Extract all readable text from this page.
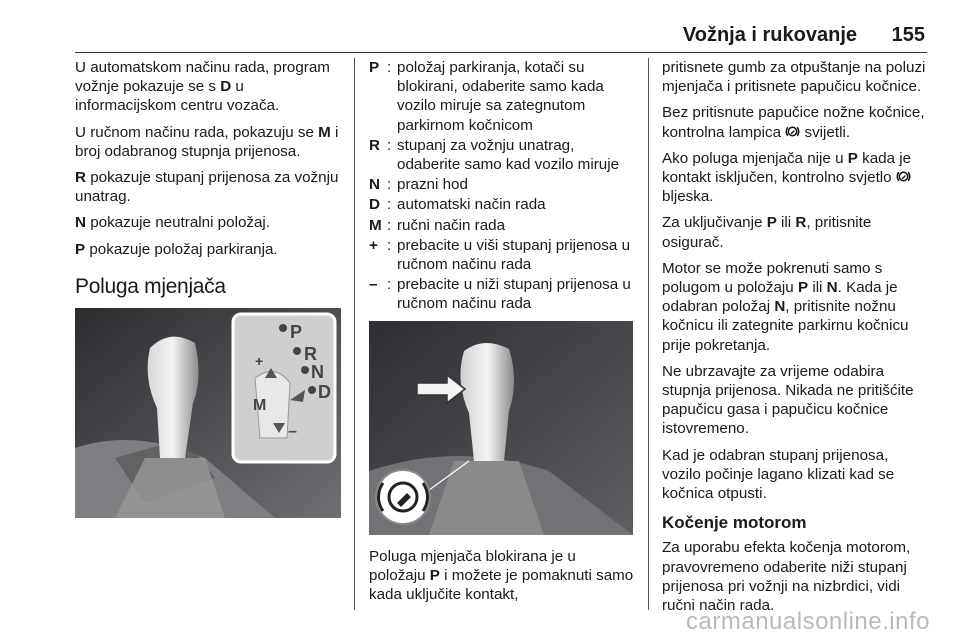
Vožnja i rukovanje 155

U automatskom načinu rada, program vožnje pokazuje se s D u informacijskom centru vozača.

U ručnom načinu rada, pokazuju se M i broj odabranog stupnja prijenosa.

R pokazuje stupanj prijenosa za vožnju unatrag.

N pokazuje neutralni položaj.

P pokazuje položaj parkiranja.

Poluga mjenjača
P
R
N
D
M
+
–
P : položaj parkiranja, kotači su blokirani, odaberite samo kada vozilo miruje sa zategnutom parkirnom kočnicom
R : stupanj za vožnju unatrag, odaberite samo kad vozilo miruje
N : prazni hod
D : automatski način rada
M : ručni način rada
+ : prebacite u viši stupanj prijenosa u ručnom načinu rada
– : prebacite u niži stupanj prijenosa u ručnom načinu rada

Poluga mjenjača blokirana je u položaju P i možete je pomaknuti samo kada uključite kontakt,

pritisnete gumb za otpuštanje na poluzi mjenjača i pritisnete papučicu kočnice.

Bez pritisnute papučice nožne kočnice, kontrolna lampica  svijetli.

Ako poluga mjenjača nije u P kada je kontakt isključen, kontrolno svjetlo  bljeska.

Za uključivanje P ili R, pritisnite osigurač.

Motor se može pokrenuti samo s polugom u položaju P ili N. Kada je odabran položaj N, pritisnite nožnu kočnicu ili zategnite parkirnu kočnicu prije pokretanja.

Ne ubrzavajte za vrijeme odabira stupnja prijenosa. Nikada ne pritišćite papučicu gasa i papučicu kočnice istovremeno.

Kad je odabran stupanj prijenosa, vozilo počinje lagano klizati kad se kočnica otpusti.

Kočenje motorom

Za uporabu efekta kočenja motorom, pravovremeno odaberite niži stupanj prijenosa pri vožnji na nizbrdici, vidi ručni način rada.

carmanualsonline.info
